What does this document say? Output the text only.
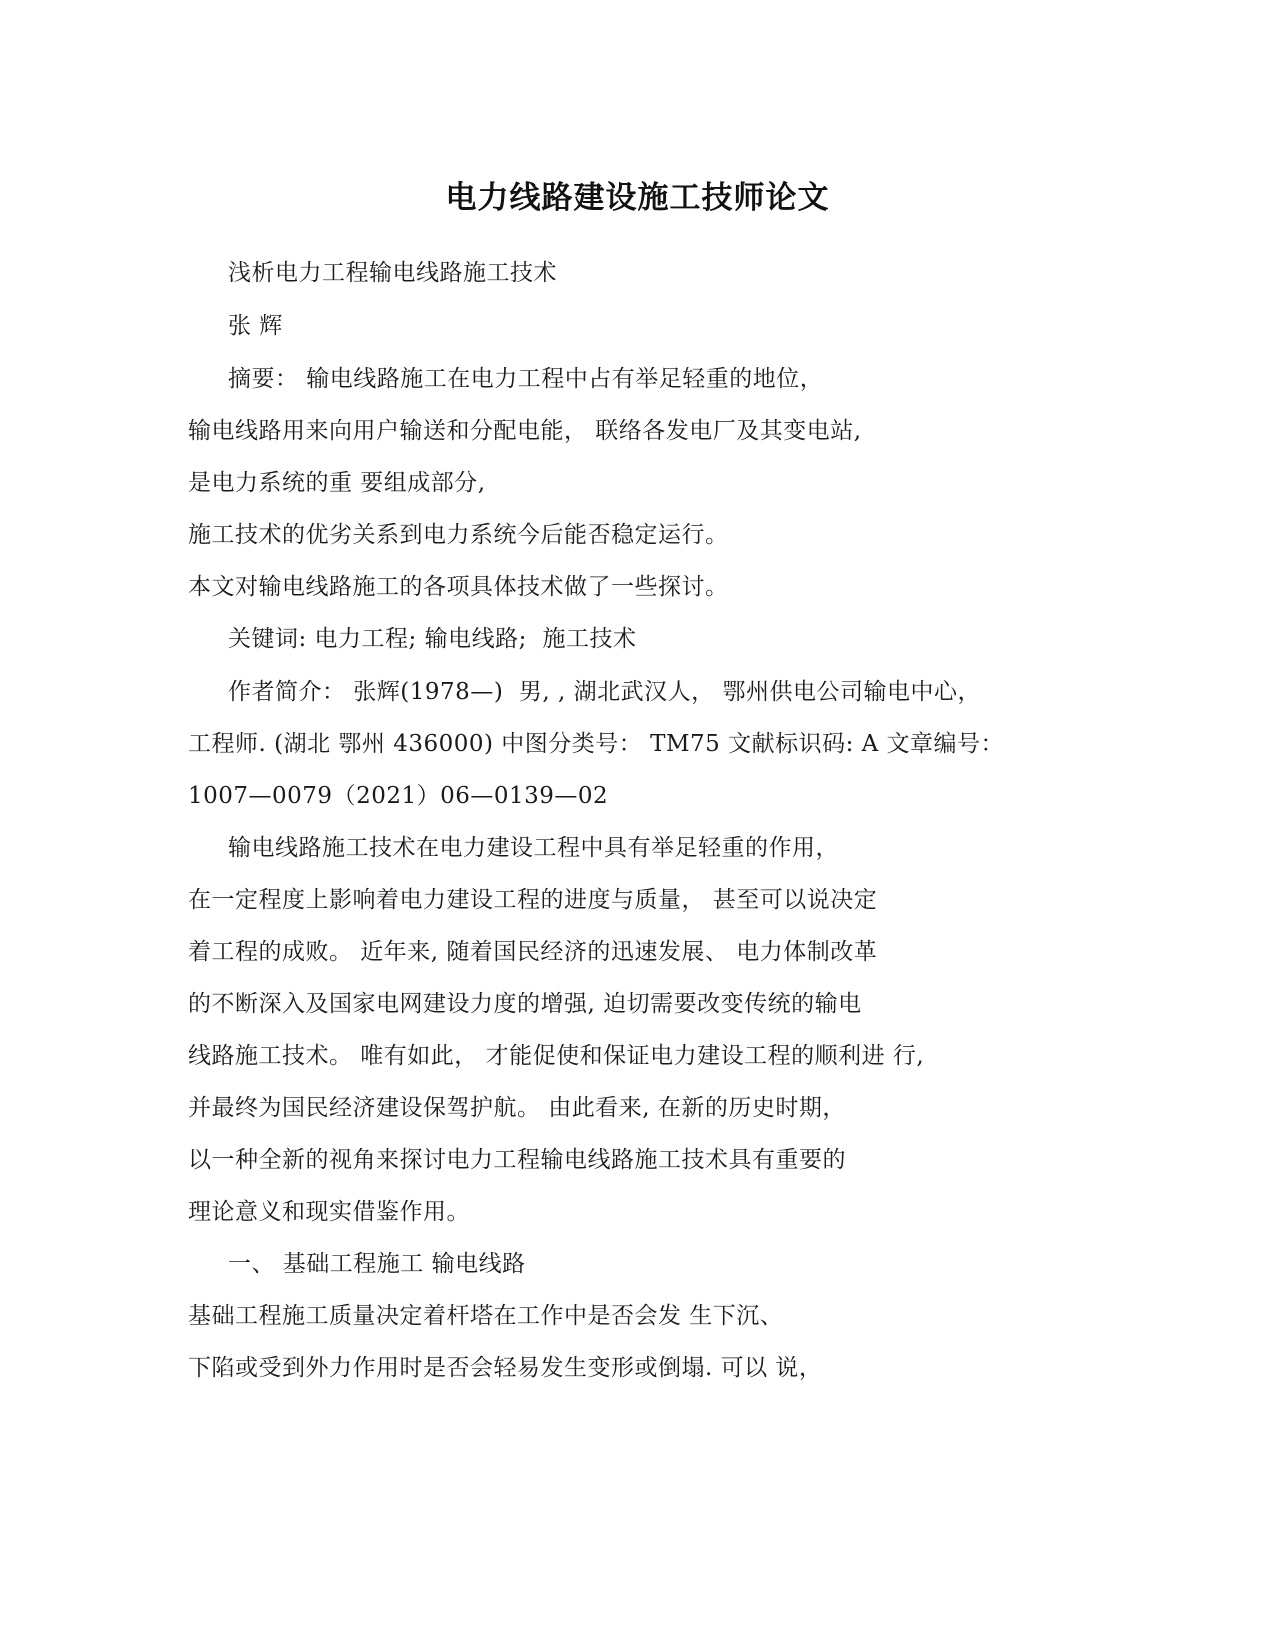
电力线路建设施工技师论文
浅析电力工程输电线路施工技术
张 辉
摘要： 输电线路施工在电力工程中占有举足轻重的地位，
输电线路用来向用户输送和分配电能， 联络各发电厂及其变电站,
是电力系统的重 要组成部分,
施工技术的优劣关系到电力系统今后能否稳定运行。
本文对输电线路施工的各项具体技术做了一些探讨。
关键词: 电力工程; 输电线路;  施工技术
作者简介： 张辉(1978—)  男, , 湖北武汉人， 鄂州供电公司输电中心，
工程师. (湖北 鄂州 436000) 中图分类号： TM75 文献标识码: A 文章编号：
1007—0079（2021）06—0139—02
输电线路施工技术在电力建设工程中具有举足轻重的作用，
在一定程度上影响着电力建设工程的进度与质量， 甚至可以说决定
着工程的成败。 近年来, 随着国民经济的迅速发展、 电力体制改革
的不断深入及国家电网建设力度的增强, 迫切需要改变传统的输电
线路施工技术。 唯有如此， 才能促使和保证电力建设工程的顺利进 行,
并最终为国民经济建设保驾护航。 由此看来, 在新的历史时期，
以一种全新的视角来探讨电力工程输电线路施工技术具有重要的
理论意义和现实借鉴作用。
一、 基础工程施工 输电线路
基础工程施工质量决定着杆塔在工作中是否会发 生下沉、
下陷或受到外力作用时是否会轻易发生变形或倒塌. 可以 说，
